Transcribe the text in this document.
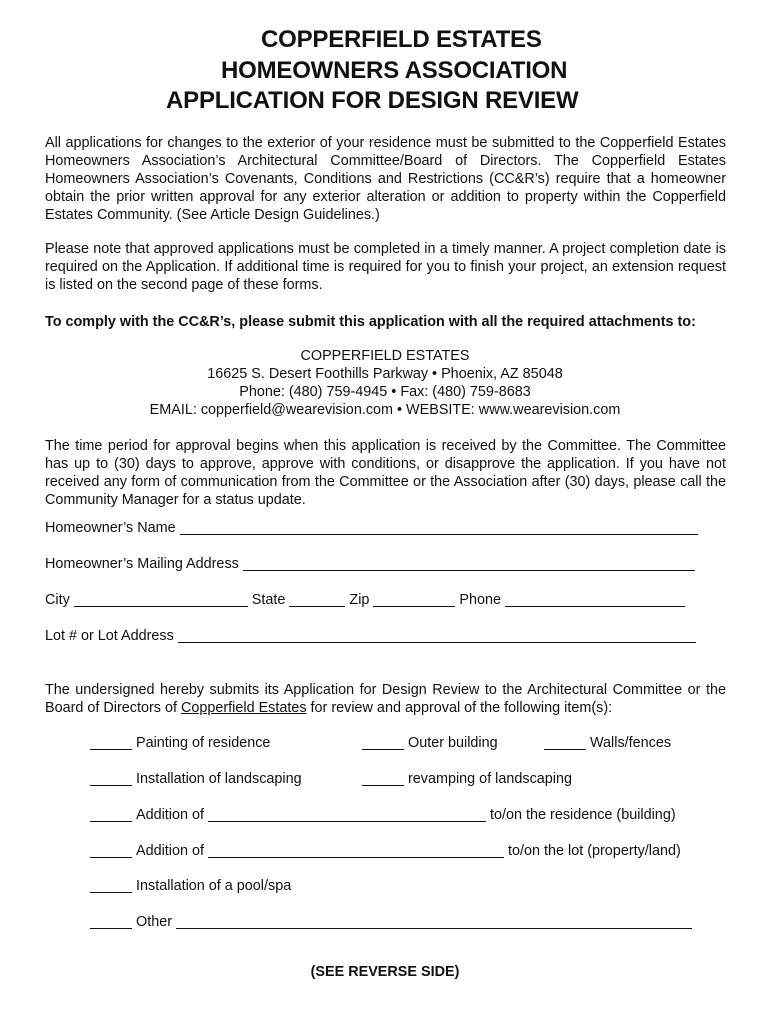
COPPERFIELD ESTATES
HOMEOWNERS ASSOCIATION
APPLICATION FOR DESIGN REVIEW
All applications for changes to the exterior of your residence must be submitted to the Copperfield Estates Homeowners Association’s Architectural Committee/Board of Directors. The Copperfield Estates Homeowners Association’s Covenants, Conditions and Restrictions (CC&R’s) require that a homeowner obtain the prior written approval for any exterior alteration or addition to property within the Copperfield Estates Community. (See Article Design Guidelines.)
Please note that approved applications must be completed in a timely manner. A project completion date is required on the Application. If additional time is required for you to finish your project, an extension request is listed on the second page of these forms.
To comply with the CC&R’s, please submit this application with all the required attachments to:
COPPERFIELD ESTATES
16625 S. Desert Foothills Parkway • Phoenix, AZ 85048
Phone: (480) 759-4945 • Fax: (480) 759-8683
EMAIL: copperfield@wearevision.com • WEBSITE: www.wearevision.com
The time period for approval begins when this application is received by the Committee. The Committee has up to (30) days to approve, approve with conditions, or disapprove the application. If you have not received any form of communication from the Committee or the Association after (30) days, please call the Community Manager for a status update.
Homeowner’s Name
Homeowner’s Mailing Address
City	State	Zip	Phone
Lot # or Lot Address
The undersigned hereby submits its Application for Design Review to the Architectural Committee or the Board of Directors of Copperfield Estates for review and approval of the following item(s):
Painting of residence	Outer building	Walls/fences
Installation of landscaping	revamping of landscaping
Addition of	to/on the residence (building)
Addition of	to/on the lot (property/land)
Installation of a pool/spa
Other
(SEE REVERSE SIDE)
